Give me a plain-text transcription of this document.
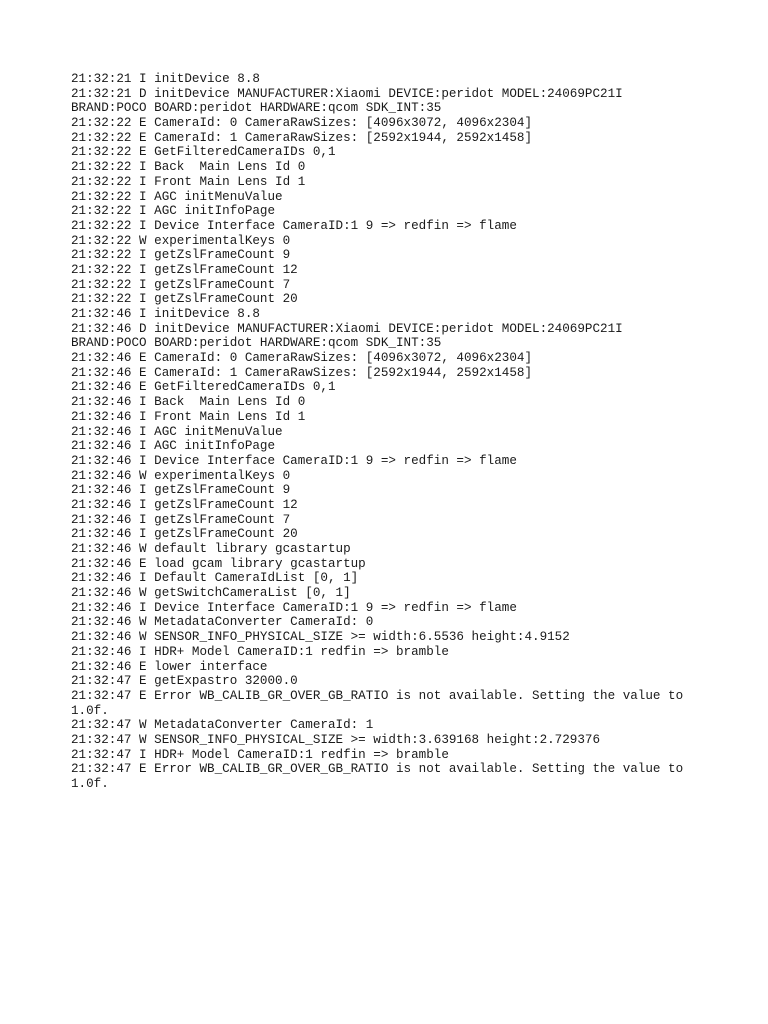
21:32:21 I initDevice 8.8
21:32:21 D initDevice MANUFACTURER:Xiaomi DEVICE:peridot MODEL:24069PC21I
BRAND:POCO BOARD:peridot HARDWARE:qcom SDK_INT:35
21:32:22 E CameraId: 0 CameraRawSizes: [4096x3072, 4096x2304]
21:32:22 E CameraId: 1 CameraRawSizes: [2592x1944, 2592x1458]
21:32:22 E GetFilteredCameraIDs 0,1
21:32:22 I Back  Main Lens Id 0
21:32:22 I Front Main Lens Id 1
21:32:22 I AGC initMenuValue
21:32:22 I AGC initInfoPage
21:32:22 I Device Interface CameraID:1 9 => redfin => flame
21:32:22 W experimentalKeys 0
21:32:22 I getZslFrameCount 9
21:32:22 I getZslFrameCount 12
21:32:22 I getZslFrameCount 7
21:32:22 I getZslFrameCount 20
21:32:46 I initDevice 8.8
21:32:46 D initDevice MANUFACTURER:Xiaomi DEVICE:peridot MODEL:24069PC21I
BRAND:POCO BOARD:peridot HARDWARE:qcom SDK_INT:35
21:32:46 E CameraId: 0 CameraRawSizes: [4096x3072, 4096x2304]
21:32:46 E CameraId: 1 CameraRawSizes: [2592x1944, 2592x1458]
21:32:46 E GetFilteredCameraIDs 0,1
21:32:46 I Back  Main Lens Id 0
21:32:46 I Front Main Lens Id 1
21:32:46 I AGC initMenuValue
21:32:46 I AGC initInfoPage
21:32:46 I Device Interface CameraID:1 9 => redfin => flame
21:32:46 W experimentalKeys 0
21:32:46 I getZslFrameCount 9
21:32:46 I getZslFrameCount 12
21:32:46 I getZslFrameCount 7
21:32:46 I getZslFrameCount 20
21:32:46 W default library gcastartup
21:32:46 E load gcam library gcastartup
21:32:46 I Default CameraIdList [0, 1]
21:32:46 W getSwitchCameraList [0, 1]
21:32:46 I Device Interface CameraID:1 9 => redfin => flame
21:32:46 W MetadataConverter CameraId: 0
21:32:46 W SENSOR_INFO_PHYSICAL_SIZE >= width:6.5536 height:4.9152
21:32:46 I HDR+ Model CameraID:1 redfin => bramble
21:32:46 E lower interface
21:32:47 E getExpastro 32000.0
21:32:47 E Error WB_CALIB_GR_OVER_GB_RATIO is not available. Setting the value to
1.0f.
21:32:47 W MetadataConverter CameraId: 1
21:32:47 W SENSOR_INFO_PHYSICAL_SIZE >= width:3.639168 height:2.729376
21:32:47 I HDR+ Model CameraID:1 redfin => bramble
21:32:47 E Error WB_CALIB_GR_OVER_GB_RATIO is not available. Setting the value to
1.0f.
